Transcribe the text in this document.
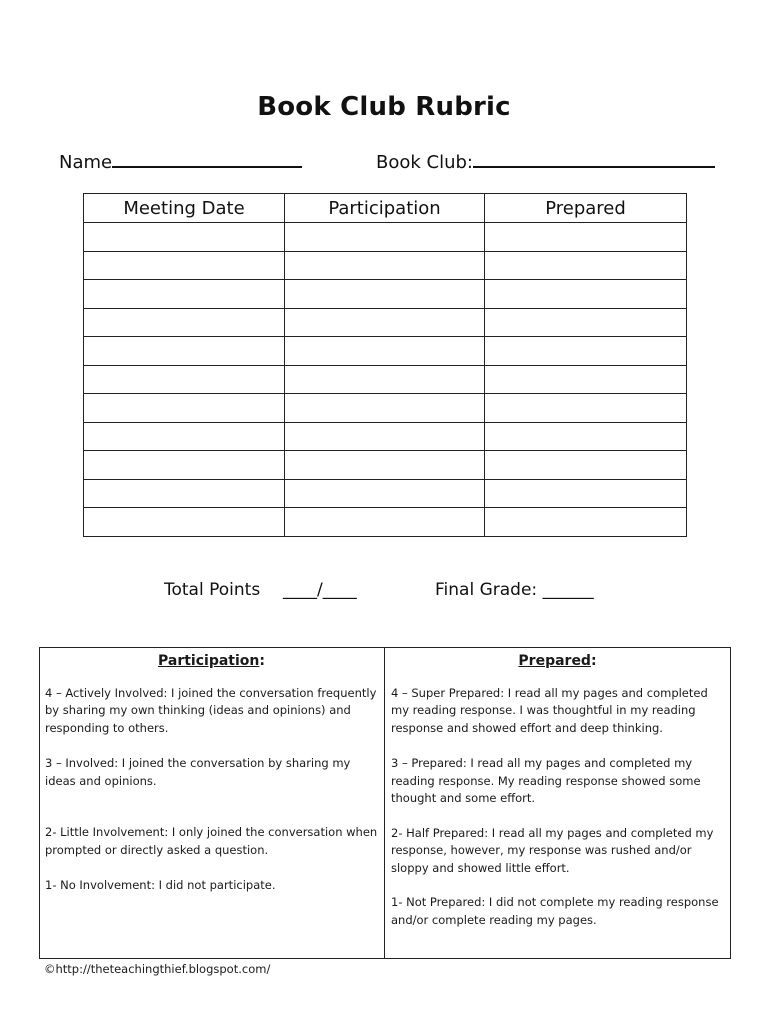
Book Club Rubric
Name	Book Club:
Meeting Date	Participation	Prepared

Total Points ____/____	Final Grade: ______
Participation:

4 – Actively Involved: I joined the conversation frequently by sharing my own thinking (ideas and opinions) and responding to others.

3 – Involved: I joined the conversation by sharing my ideas and opinions.

2- Little Involvement: I only joined the conversation when prompted or directly asked a question.

1- No Involvement: I did not participate.

Prepared:

4 – Super Prepared: I read all my pages and completed my reading response. I was thoughtful in my reading response and showed effort and deep thinking.

3 – Prepared: I read all my pages and completed my reading response. My reading response showed some thought and some effort.

2- Half Prepared: I read all my pages and completed my response, however, my response was rushed and/or sloppy and showed little effort.

1- Not Prepared: I did not complete my reading response and/or complete reading my pages.

©http://theteachingthief.blogspot.com/
